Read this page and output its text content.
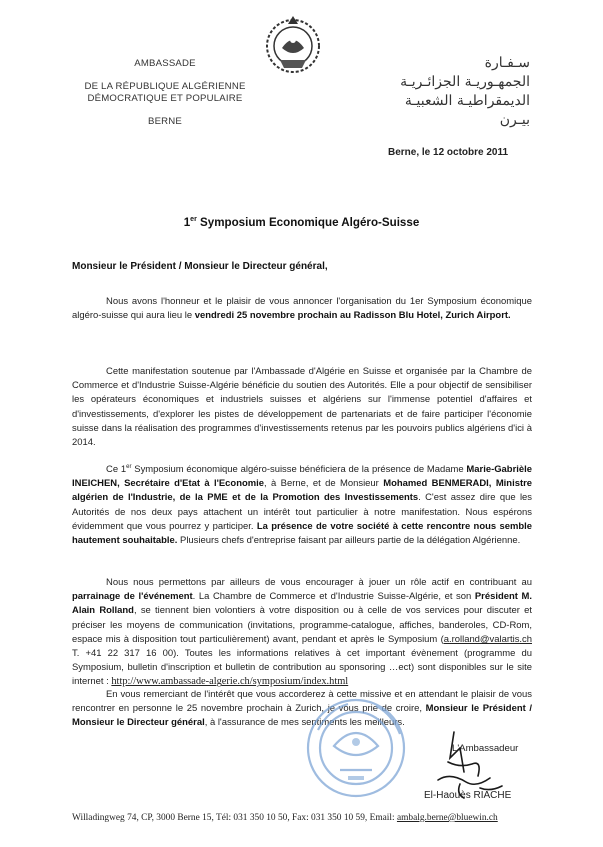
AMBASSADE
DE LA RÉPUBLIQUE ALGÉRIENNE
DÉMOCRATIQUE ET POPULAIRE
BERNE
سـفـارة
الجمهـوريـة الجزائـريـة
الديمقراطيـة الشعبيـة
بيـرن
Berne, le 12 octobre 2011
1er Symposium Economique Algéro-Suisse
Monsieur le Président / Monsieur le Directeur général,
Nous avons l'honneur et le plaisir de vous annoncer l'organisation du 1er Symposium économique algéro-suisse qui aura lieu le vendredi 25 novembre prochain au Radisson Blu Hotel, Zurich Airport.
Cette manifestation soutenue par l'Ambassade d'Algérie en Suisse et organisée par la Chambre de Commerce et d'Industrie Suisse-Algérie bénéficie du soutien des Autorités. Elle a pour objectif de sensibiliser les opérateurs économiques et industriels suisses et algériens sur l'immense potentiel d'affaires et d'investissements, d'explorer les pistes de développement de partenariats et de faire participer l'économie suisse dans la réalisation des programmes d'investissements retenus par les pouvoirs publics algériens d'ici à 2014.
Ce 1er Symposium économique algéro-suisse bénéficiera de la présence de Madame Marie-Gabrièle INEICHEN, Secrétaire d'Etat à l'Economie, à Berne, et de Monsieur Mohamed BENMERADI, Ministre algérien de l'Industrie, de la PME et de la Promotion des Investissements. C'est assez dire que les Autorités de nos deux pays attachent un intérêt tout particulier à notre manifestation. Nous espérons évidemment que vous pourrez y participer. La présence de votre société à cette rencontre nous semble hautement souhaitable. Plusieurs chefs d'entreprise faisant par ailleurs partie de la délégation Algérienne.
Nous nous permettons par ailleurs de vous encourager à jouer un rôle actif en contribuant au parrainage de l'événement. La Chambre de Commerce et d'Industrie Suisse-Algérie, et son Président M. Alain Rolland, se tiennent bien volontiers à votre disposition ou à celle de vos services pour discuter et préciser les moyens de communication (invitations, programme-catalogue, affiches, banderoles, CD-Rom, espace mis à disposition tout particulièrement) avant, pendant et après le Symposium (a.rolland@valartis.ch T. +41 22 317 16 00). Toutes les informations relatives à cet important évènement (programme du Symposium, bulletin d'inscription et bulletin de contribution au sponsoring …ect) sont disponibles sur le site internet : http://www.ambassade-algerie.ch/symposium/index.html
En vous remerciant de l'intérêt que vous accorderez à cette missive et en attendant le plaisir de vous rencontrer en personne le 25 novembre prochain à Zurich, je vous prie de croire, Monsieur le Président / Monsieur le Directeur général, à l'assurance de mes sentiments les meilleurs.
L'Ambassadeur
El-Haouès RIACHE
Willadingweg 74, CP, 3000 Berne 15, Tél: 031 350 10 50, Fax: 031 350 10 59, Email: ambalg.berne@bluewin.ch
